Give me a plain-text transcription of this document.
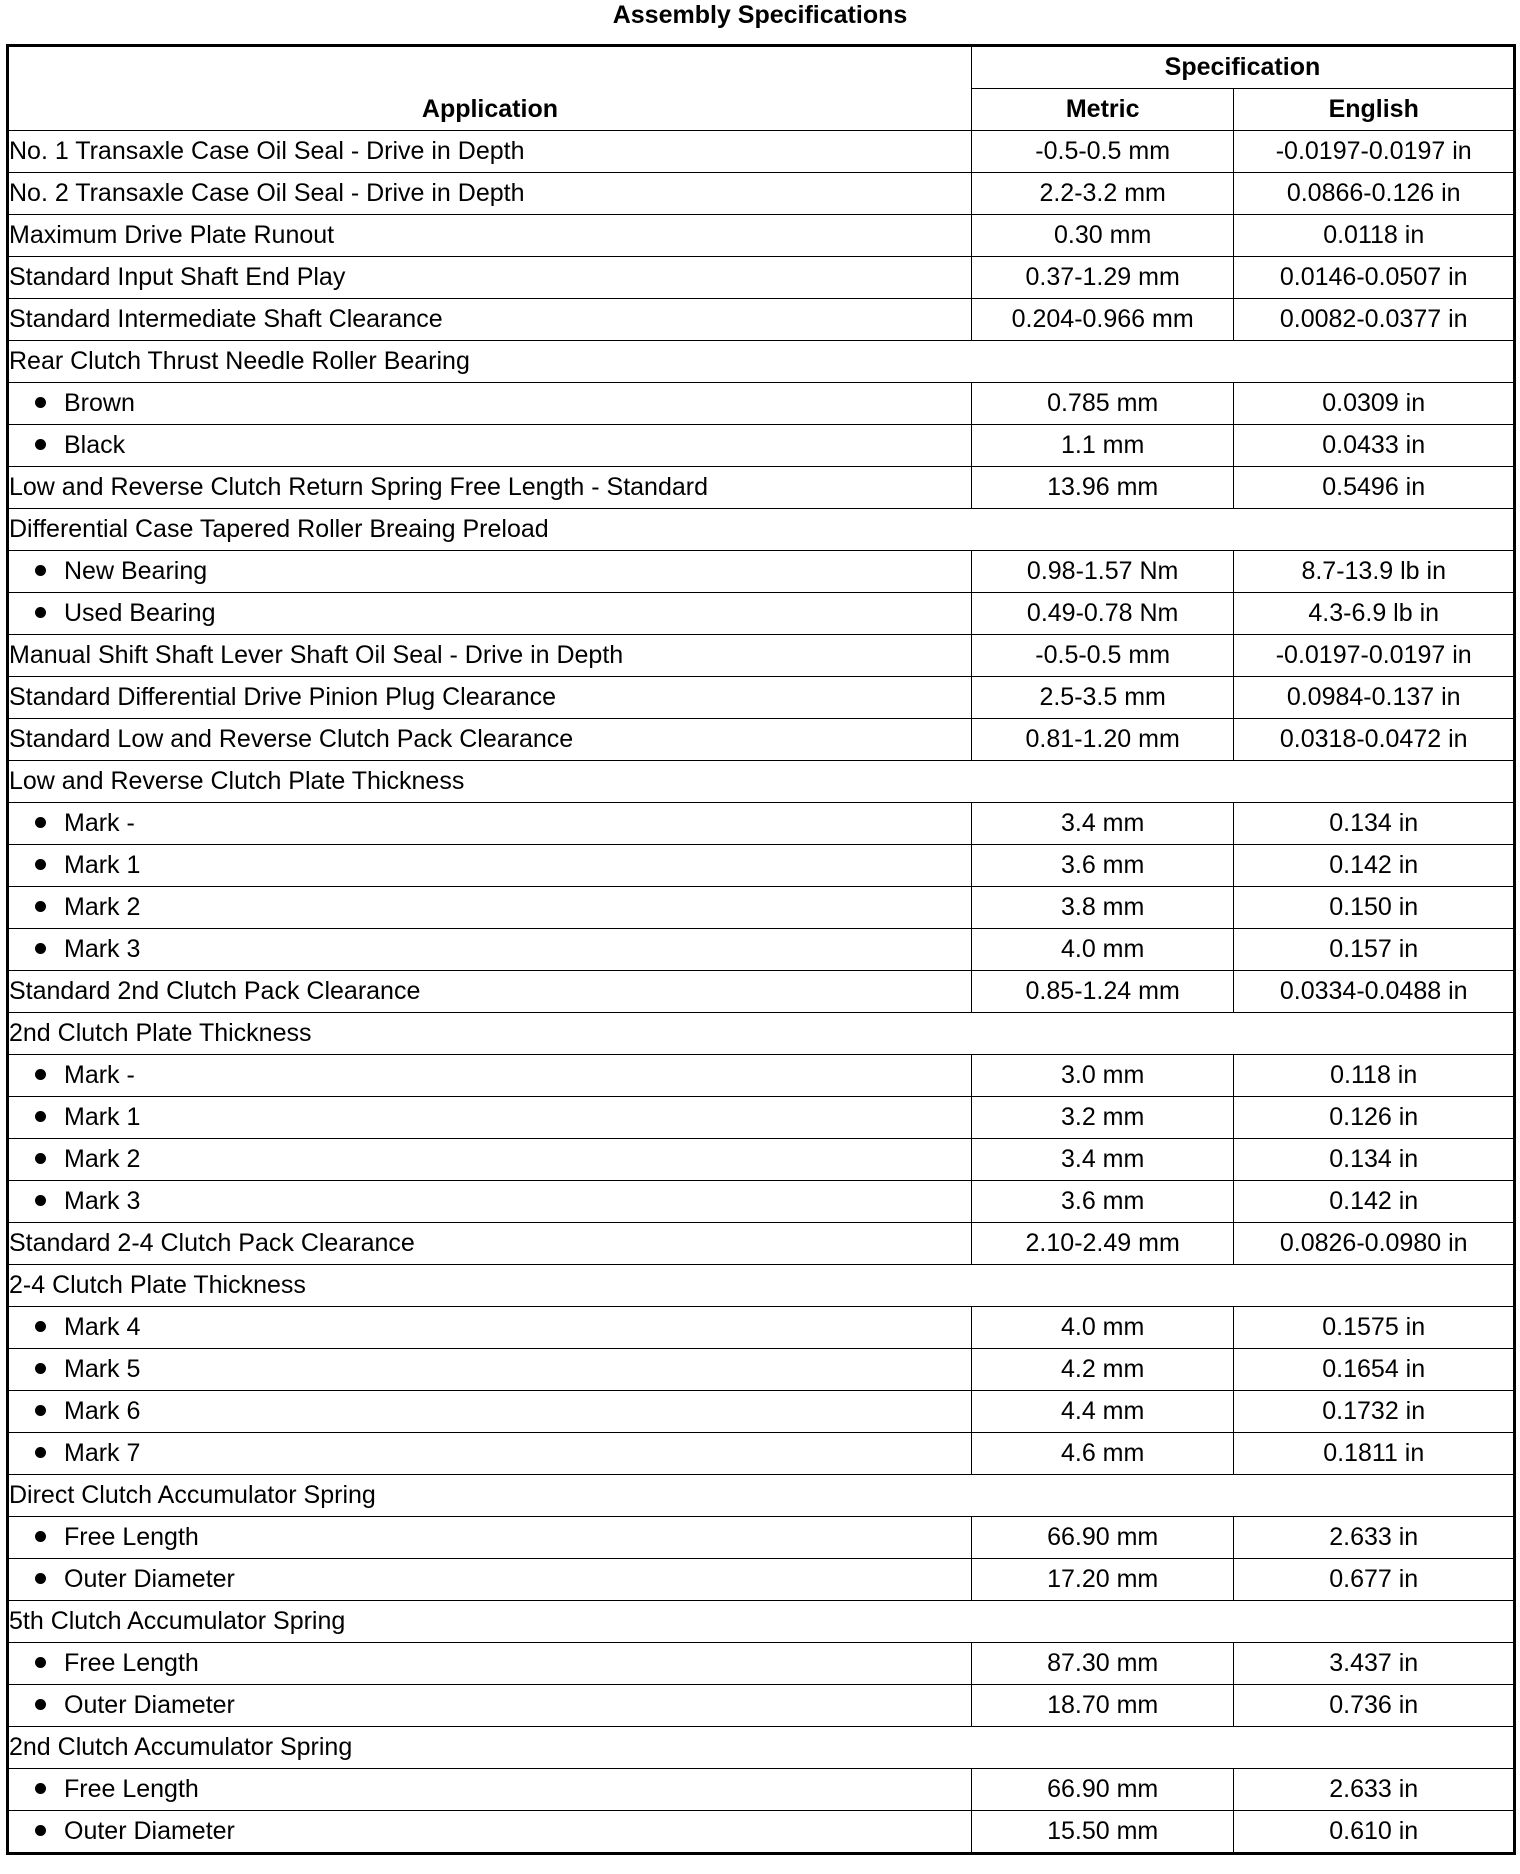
Assembly Specifications
Application	Specification	
	Metric	English
No. 1 Transaxle Case Oil Seal - Drive in Depth	-0.5-0.5 mm	-0.0197-0.0197 in
No. 2 Transaxle Case Oil Seal - Drive in Depth	2.2-3.2 mm	0.0866-0.126 in
Maximum Drive Plate Runout	0.30 mm	0.0118 in
Standard Input Shaft End Play	0.37-1.29 mm	0.0146-0.0507 in
Standard Intermediate Shaft Clearance	0.204-0.966 mm	0.0082-0.0377 in
Rear Clutch Thrust Needle Roller Bearing		
Brown	0.785 mm	0.0309 in
Black	1.1 mm	0.0433 in
Low and Reverse Clutch Return Spring Free Length - Standard	13.96 mm	0.5496 in
Differential Case Tapered Roller Breaing Preload		
New Bearing	0.98-1.57 Nm	8.7-13.9 lb in
Used Bearing	0.49-0.78 Nm	4.3-6.9 lb in
Manual Shift Shaft Lever Shaft Oil Seal - Drive in Depth	-0.5-0.5 mm	-0.0197-0.0197 in
Standard Differential Drive Pinion Plug Clearance	2.5-3.5 mm	0.0984-0.137 in
Standard Low and Reverse Clutch Pack Clearance	0.81-1.20 mm	0.0318-0.0472 in
Low and Reverse Clutch Plate Thickness		
Mark -	3.4 mm	0.134 in
Mark 1	3.6 mm	0.142 in
Mark 2	3.8 mm	0.150 in
Mark 3	4.0 mm	0.157 in
Standard 2nd Clutch Pack Clearance	0.85-1.24 mm	0.0334-0.0488 in
2nd Clutch Plate Thickness		
Mark -	3.0 mm	0.118 in
Mark 1	3.2 mm	0.126 in
Mark 2	3.4 mm	0.134 in
Mark 3	3.6 mm	0.142 in
Standard 2-4 Clutch Pack Clearance	2.10-2.49 mm	0.0826-0.0980 in
2-4 Clutch Plate Thickness		
Mark 4	4.0 mm	0.1575 in
Mark 5	4.2 mm	0.1654 in
Mark 6	4.4 mm	0.1732 in
Mark 7	4.6 mm	0.1811 in
Direct Clutch Accumulator Spring		
Free Length	66.90 mm	2.633 in
Outer Diameter	17.20 mm	0.677 in
5th Clutch Accumulator Spring		
Free Length	87.30 mm	3.437 in
Outer Diameter	18.70 mm	0.736 in
2nd Clutch Accumulator Spring		
Free Length	66.90 mm	2.633 in
Outer Diameter	15.50 mm	0.610 in
